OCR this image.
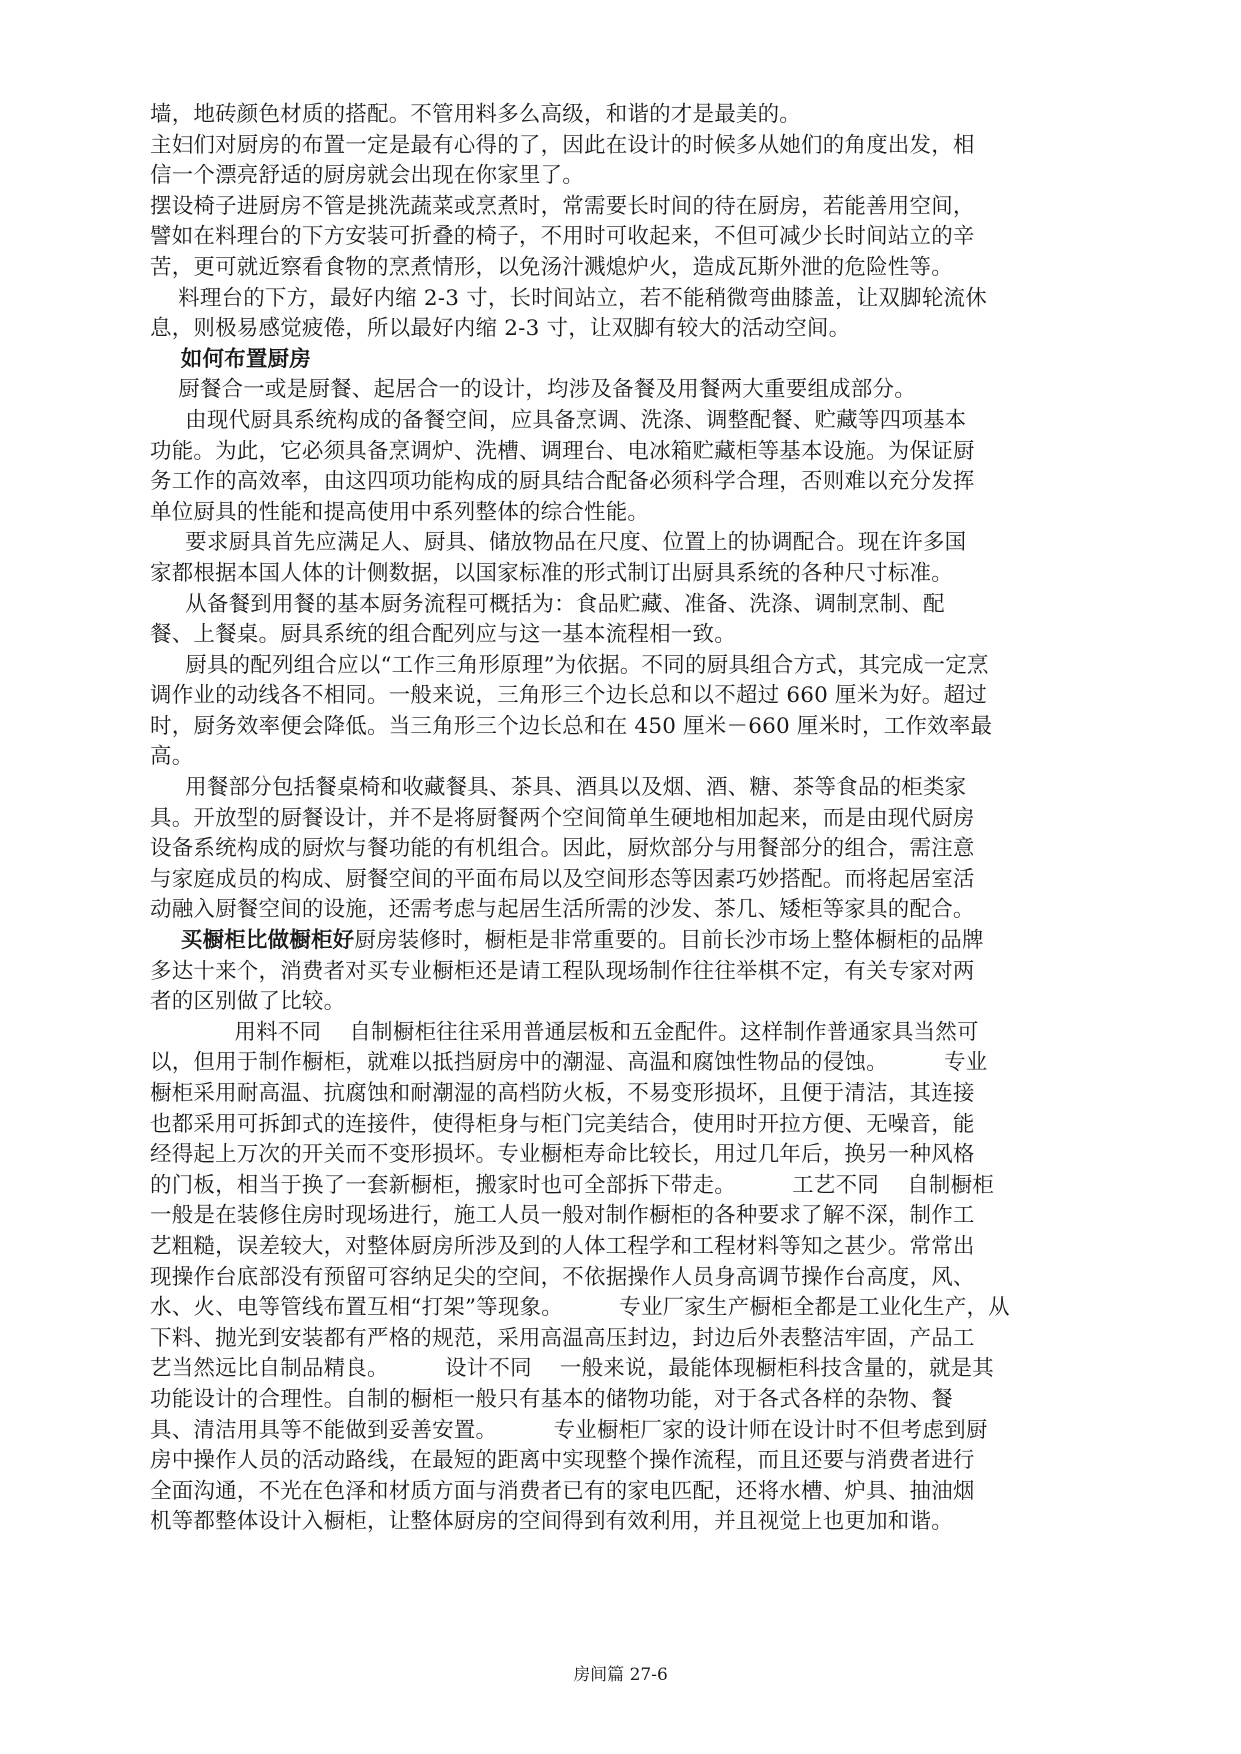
墙，地砖颜色材质的搭配。不管用料多么高级，和谐的才是最美的。
主妇们对厨房的布置一定是最有心得的了，因此在设计的时候多从她们的角度出发，相
信一个漂亮舒适的厨房就会出现在你家里了。
摆设椅子进厨房不管是挑洗蔬菜或烹煮时，常需要长时间的待在厨房，若能善用空间，
譬如在料理台的下方安装可折叠的椅子，不用时可收起来，不但可减少长时间站立的辛
苦，更可就近察看食物的烹煮情形，以免汤汁溅熄炉火，造成瓦斯外泄的危险性等。
料理台的下方，最好内缩 2-3 寸，长时间站立，若不能稍微弯曲膝盖，让双脚轮流休
息，则极易感觉疲倦，所以最好内缩 2-3 寸，让双脚有较大的活动空间。
如何布置厨房
厨餐合一或是厨餐、起居合一的设计，均涉及备餐及用餐两大重要组成部分。
由现代厨具系统构成的备餐空间，应具备烹调、洗涤、调整配餐、贮藏等四项基本
功能。为此，它必须具备烹调炉、洗槽、调理台、电冰箱贮藏柜等基本设施。为保证厨
务工作的高效率，由这四项功能构成的厨具结合配备必须科学合理，否则难以充分发挥
单位厨具的性能和提高使用中系列整体的综合性能。
要求厨具首先应满足人、厨具、储放物品在尺度、位置上的协调配合。现在许多国
家都根据本国人体的计侧数据，以国家标准的形式制订出厨具系统的各种尺寸标准。
从备餐到用餐的基本厨务流程可概括为：食品贮藏、准备、洗涤、调制烹制、配
餐、上餐桌。厨具系统的组合配列应与这一基本流程相一致。
厨具的配列组合应以“工作三角形原理”为依据。不同的厨具组合方式，其完成一定烹
调作业的动线各不相同。一般来说，三角形三个边长总和以不超过 660 厘米为好。超过
时，厨务效率便会降低。当三角形三个边长总和在 450 厘米－660 厘米时，工作效率最
高。
用餐部分包括餐桌椅和收藏餐具、茶具、酒具以及烟、酒、糖、茶等食品的柜类家
具。开放型的厨餐设计，并不是将厨餐两个空间简单生硬地相加起来，而是由现代厨房
设备系统构成的厨炊与餐功能的有机组合。因此，厨炊部分与用餐部分的组合，需注意
与家庭成员的构成、厨餐空间的平面布局以及空间形态等因素巧妙搭配。而将起居室活
动融入厨餐空间的设施，还需考虑与起居生活所需的沙发、茶几、矮柜等家具的配合。
买橱柜比做橱柜好厨房装修时，橱柜是非常重要的。目前长沙市场上整体橱柜的品牌
多达十来个，消费者对买专业橱柜还是请工程队现场制作往往举棋不定，有关专家对两
者的区别做了比较。
用料不同    自制橱柜往往采用普通层板和五金配件。这样制作普通家具当然可
以，但用于制作橱柜，就难以抵挡厨房中的潮湿、高温和腐蚀性物品的侵蚀。        专业
橱柜采用耐高温、抗腐蚀和耐潮湿的高档防火板，不易变形损坏，且便于清洁，其连接
也都采用可拆卸式的连接件，使得柜身与柜门完美结合，使用时开拉方便、无噪音，能
经得起上万次的开关而不变形损坏。专业橱柜寿命比较长，用过几年后，换另一种风格
的门板，相当于换了一套新橱柜，搬家时也可全部拆下带走。        工艺不同    自制橱柜
一般是在装修住房时现场进行，施工人员一般对制作橱柜的各种要求了解不深，制作工
艺粗糙，误差较大，对整体厨房所涉及到的人体工程学和工程材料等知之甚少。常常出
现操作台底部没有预留可容纳足尖的空间，不依据操作人员身高调节操作台高度，风、
水、火、电等管线布置互相“打架”等现象。        专业厂家生产橱柜全都是工业化生产，从
下料、抛光到安装都有严格的规范，采用高温高压封边，封边后外表整洁牢固，产品工
艺当然远比自制品精良。        设计不同    一般来说，最能体现橱柜科技含量的，就是其
功能设计的合理性。自制的橱柜一般只有基本的储物功能，对于各式各样的杂物、餐
具、清洁用具等不能做到妥善安置。        专业橱柜厂家的设计师在设计时不但考虑到厨
房中操作人员的活动路线，在最短的距离中实现整个操作流程，而且还要与消费者进行
全面沟通，不光在色泽和材质方面与消费者已有的家电匹配，还将水槽、炉具、抽油烟
机等都整体设计入橱柜，让整体厨房的空间得到有效利用，并且视觉上也更加和谐。
房间篇 27-6
